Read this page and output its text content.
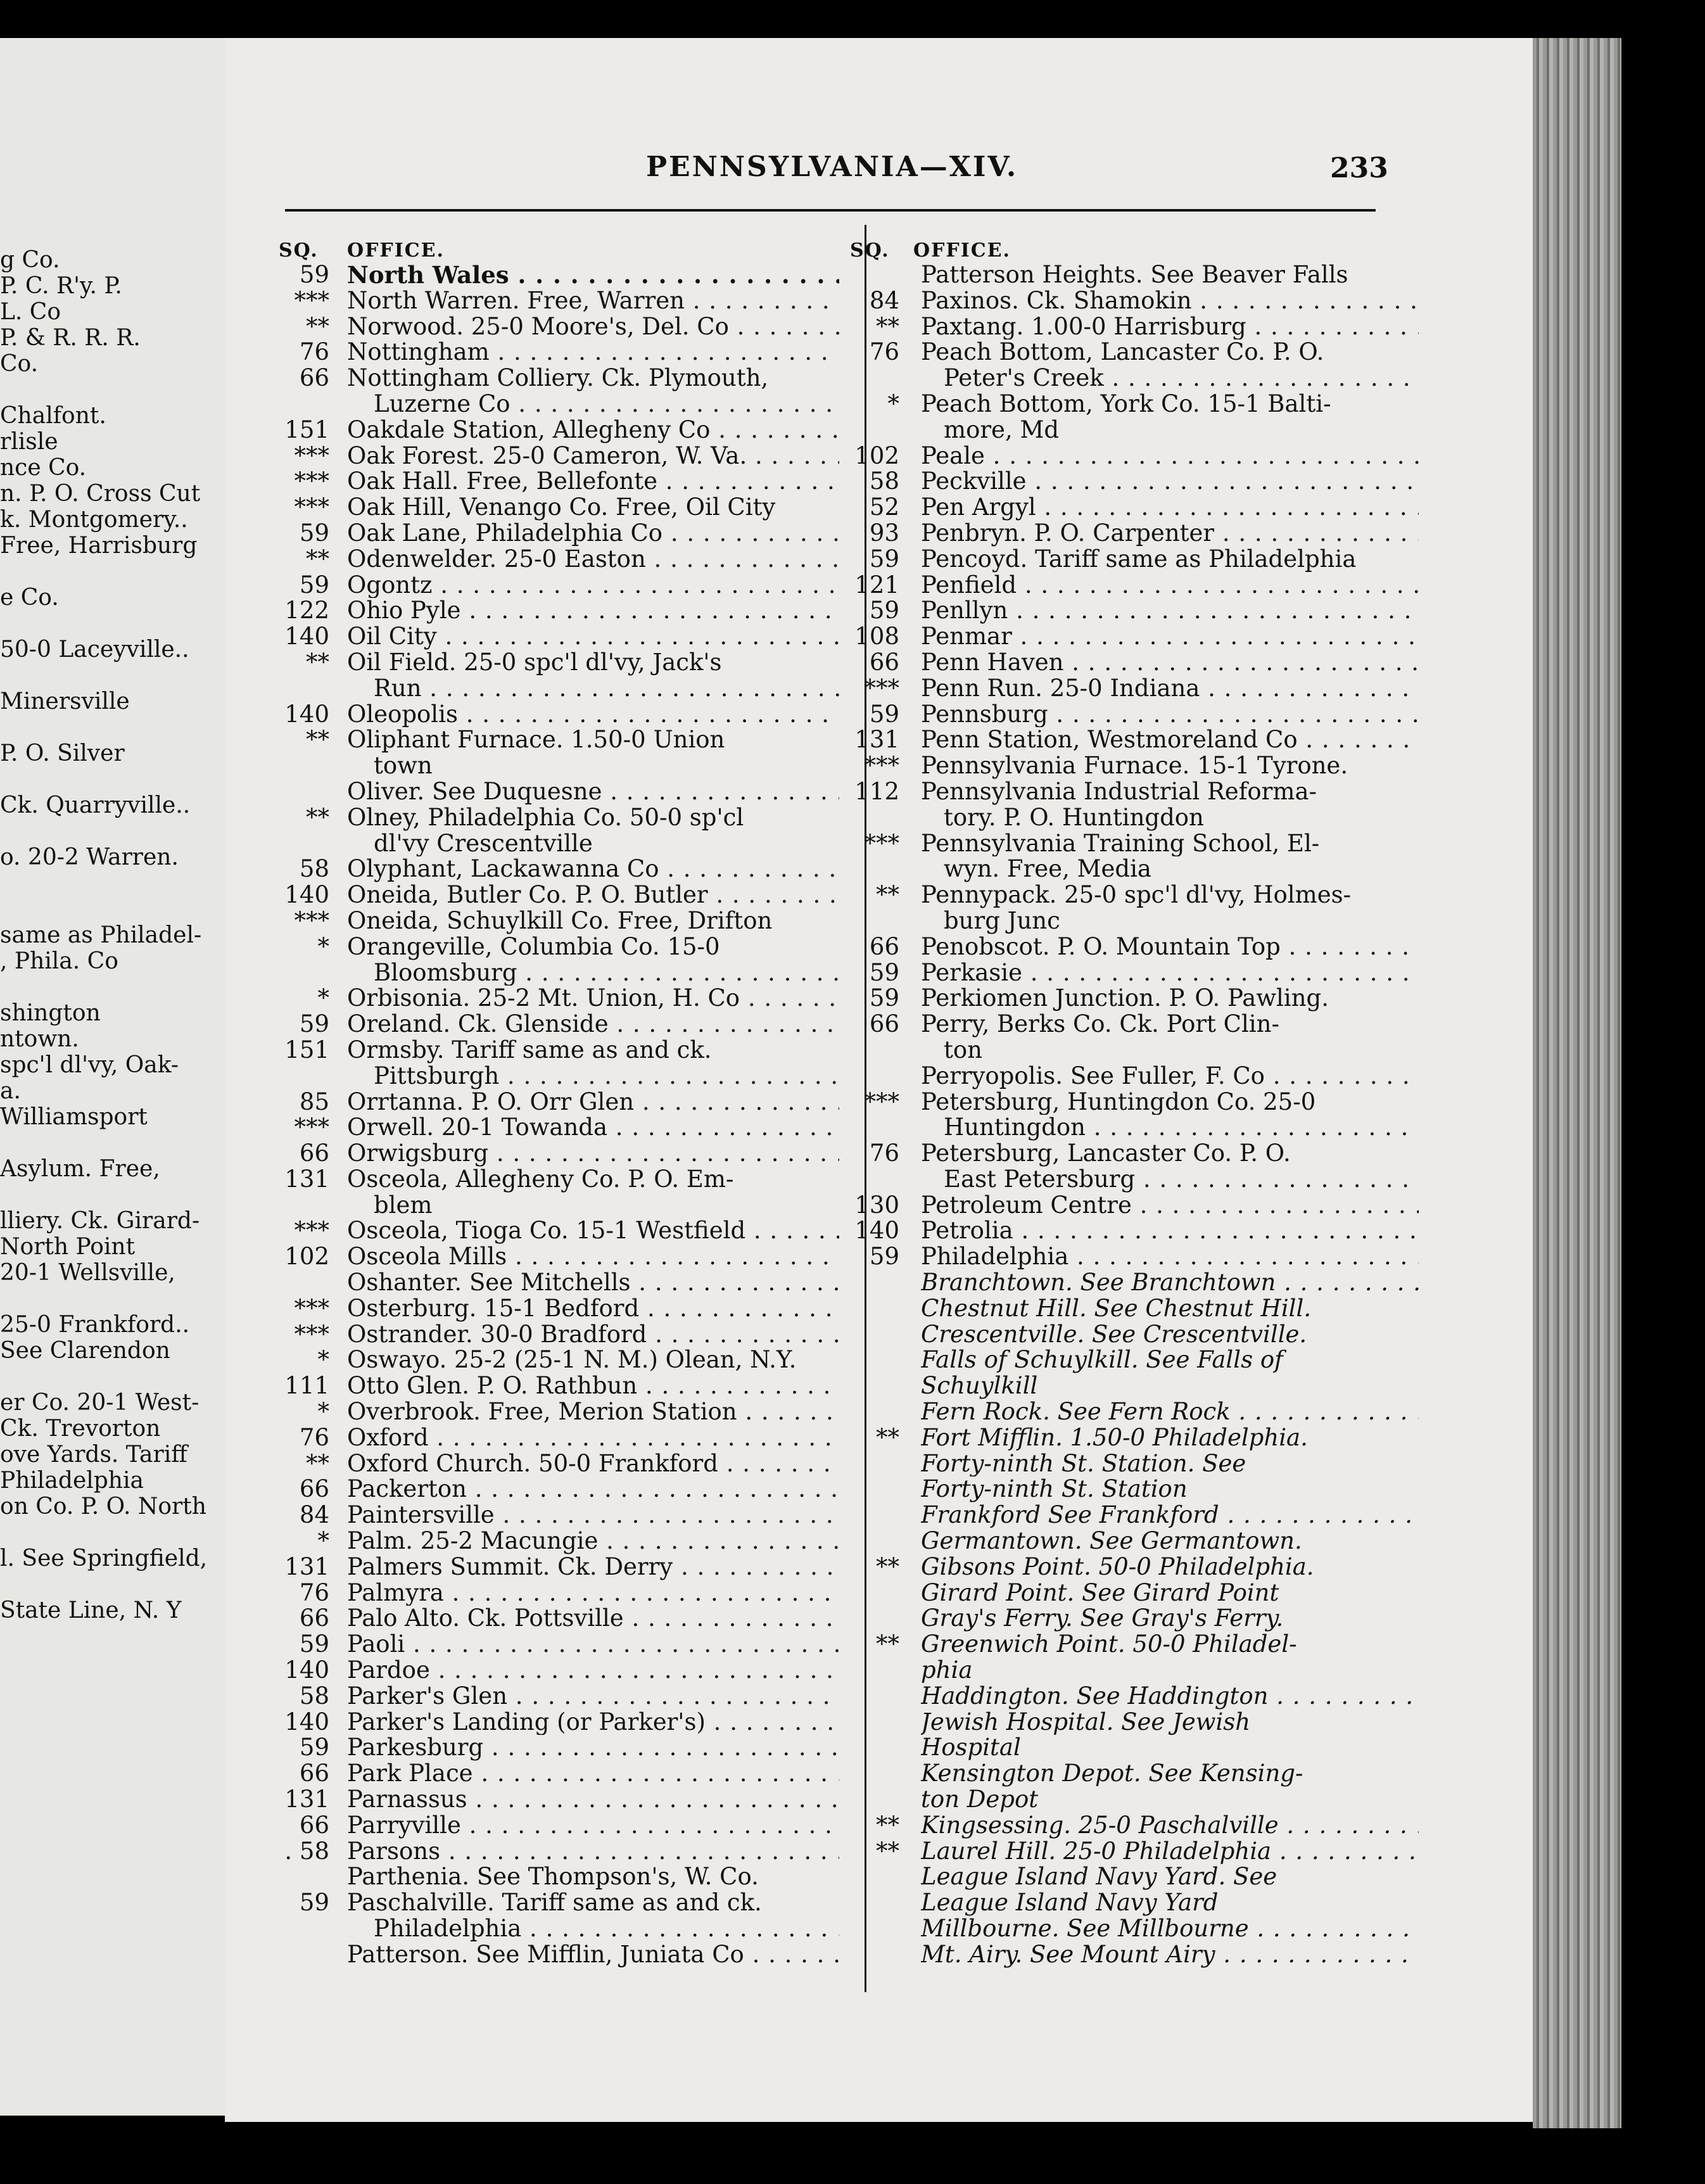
g Co.
P. C. R'y. P.
L. Co
P. & R. R. R.
Co.
Chalfont.
rlisle
nce Co.
n. P. O. Cross Cut
k. Montgomery..
Free, Harrisburg
e Co.
50-0 Laceyville..
Minersville
P. O. Silver
Ck. Quarryville..
o. 20-2 Warren.
same as Philadel-
, Phila. Co
shington
ntown.
spc'l dl'vy, Oak-
a.
Williamsport
Asylum. Free,
lliery. Ck. Girard-
North Point
20-1 Wellsville,
25-0 Frankford..
See Clarendon
er Co. 20-1 West-
Ck. Trevorton
ove Yards. Tariff
Philadelphia
on Co. P. O. North
l. See Springfield,
State Line, N. Y
PENNSYLVANIA—XIV.	233
SQ. OFFICE.
59 North Wales . . .
*** North Warren. Free, Warren . . .
** Norwood. 25-0 Moore's, Del. Co . . .
76 Nottingham . . .
66 Nottingham Colliery. Ck. Plymouth,
Luzerne Co . . .
151 Oakdale Station, Allegheny Co . . .
*** Oak Forest. 25-0 Cameron, W. Va. . . .
*** Oak Hall. Free, Bellefonte . . .
*** Oak Hill, Venango Co. Free, Oil City
59 Oak Lane, Philadelphia Co . . .
** Odenwelder. 25-0 Easton . . .
59 Ogontz . . .
122 Ohio Pyle . . .
140 Oil City . . .
** Oil Field. 25-0 spc'l dl'vy, Jack's
Run . . .
140 Oleopolis . . .
** Oliphant Furnace. 1.50-0 Union
town
Oliver. See Duquesne . . .
** Olney, Philadelphia Co. 50-0 sp'cl
dl'vy Crescentville
58 Olyphant, Lackawanna Co . . .
140 Oneida, Butler Co. P. O. Butler . . .
*** Oneida, Schuylkill Co. Free, Drifton
* Orangeville, Columbia Co. 15-0
Bloomsburg . . .
* Orbisonia. 25-2 Mt. Union, H. Co . . .
59 Oreland. Ck. Glenside . . .
151 Ormsby. Tariff same as and ck.
Pittsburgh . . .
85 Orrtanna. P. O. Orr Glen . . .
*** Orwell. 20-1 Towanda . . .
66 Orwigsburg . . .
131 Osceola, Allegheny Co. P. O. Em-
blem
*** Osceola, Tioga Co. 15-1 Westfield . . .
102 Osceola Mills . . .
Oshanter. See Mitchells . . .
*** Osterburg. 15-1 Bedford . . .
*** Ostrander. 30-0 Bradford . . .
* Oswayo. 25-2 (25-1 N. M.) Olean, N.Y.
111 Otto Glen. P. O. Rathbun . . .
* Overbrook. Free, Merion Station . . .
76 Oxford . . .
** Oxford Church. 50-0 Frankford . . .
66 Packerton . . .
84 Paintersville . . .
* Palm. 25-2 Macungie . . .
131 Palmers Summit. Ck. Derry . . .
76 Palmyra . . .
66 Palo Alto. Ck. Pottsville . . .
59 Paoli . . .
140 Pardoe . . .
58 Parker's Glen . . .
140 Parker's Landing (or Parker's) . . .
59 Parkesburg . . .
66 Park Place . . .
131 Parnassus . . .
66 Parryville . . .
. 58 Parsons . . .
Parthenia. See Thompson's, W. Co.
59 Paschalville. Tariff same as and ck.
Philadelphia . . .
Patterson. See Mifflin, Juniata Co . . .
SQ. OFFICE.
Patterson Heights. See Beaver Falls
84 Paxinos. Ck. Shamokin . . .
** Paxtang. 1.00-0 Harrisburg . . .
76 Peach Bottom, Lancaster Co. P. O.
Peter's Creek . . .
* Peach Bottom, York Co. 15-1 Balti-
more, Md
102 Peale . . .
58 Peckville . . .
52 Pen Argyl . . .
93 Penbryn. P. O. Carpenter . . .
59 Pencoyd. Tariff same as Philadelphia
121 Penfield . . .
59 Penllyn . . .
108 Penmar . . .
66 Penn Haven . . .
*** Penn Run. 25-0 Indiana . . .
59 Pennsburg . . .
131 Penn Station, Westmoreland Co . . .
*** Pennsylvania Furnace. 15-1 Tyrone.
112 Pennsylvania Industrial Reforma-
tory. P. O. Huntingdon
*** Pennsylvania Training School, El-
wyn. Free, Media
** Pennypack. 25-0 spc'l dl'vy, Holmes-
burg Junc
66 Penobscot. P. O. Mountain Top . . .
59 Perkasie . . .
59 Perkiomen Junction. P. O. Pawling.
66 Perry, Berks Co. Ck. Port Clin-
ton
Perryopolis. See Fuller, F. Co . . .
*** Petersburg, Huntingdon Co. 25-0
Huntingdon . . .
76 Petersburg, Lancaster Co. P. O.
East Petersburg . . .
130 Petroleum Centre . . .
140 Petrolia . . .
59 Philadelphia . . .
Branchtown. See Branchtown . . .
Chestnut Hill. See Chestnut Hill.
Crescentville. See Crescentville.
Falls of Schuylkill. See Falls of
Schuylkill
Fern Rock. See Fern Rock . . .
** Fort Mifflin. 1.50-0 Philadelphia.
Forty-ninth St. Station. See
Forty-ninth St. Station
Frankford See Frankford . . .
Germantown. See Germantown.
** Gibsons Point. 50-0 Philadelphia.
Girard Point. See Girard Point
Gray's Ferry. See Gray's Ferry.
** Greenwich Point. 50-0 Philadel-
phia
Haddington. See Haddington . . .
Jewish Hospital. See Jewish
Hospital
Kensington Depot. See Kensing-
ton Depot
** Kingsessing. 25-0 Paschalville . . .
** Laurel Hill. 25-0 Philadelphia . . .
League Island Navy Yard. See
League Island Navy Yard
Millbourne. See Millbourne . . .
Mt. Airy. See Mount Airy . . .
